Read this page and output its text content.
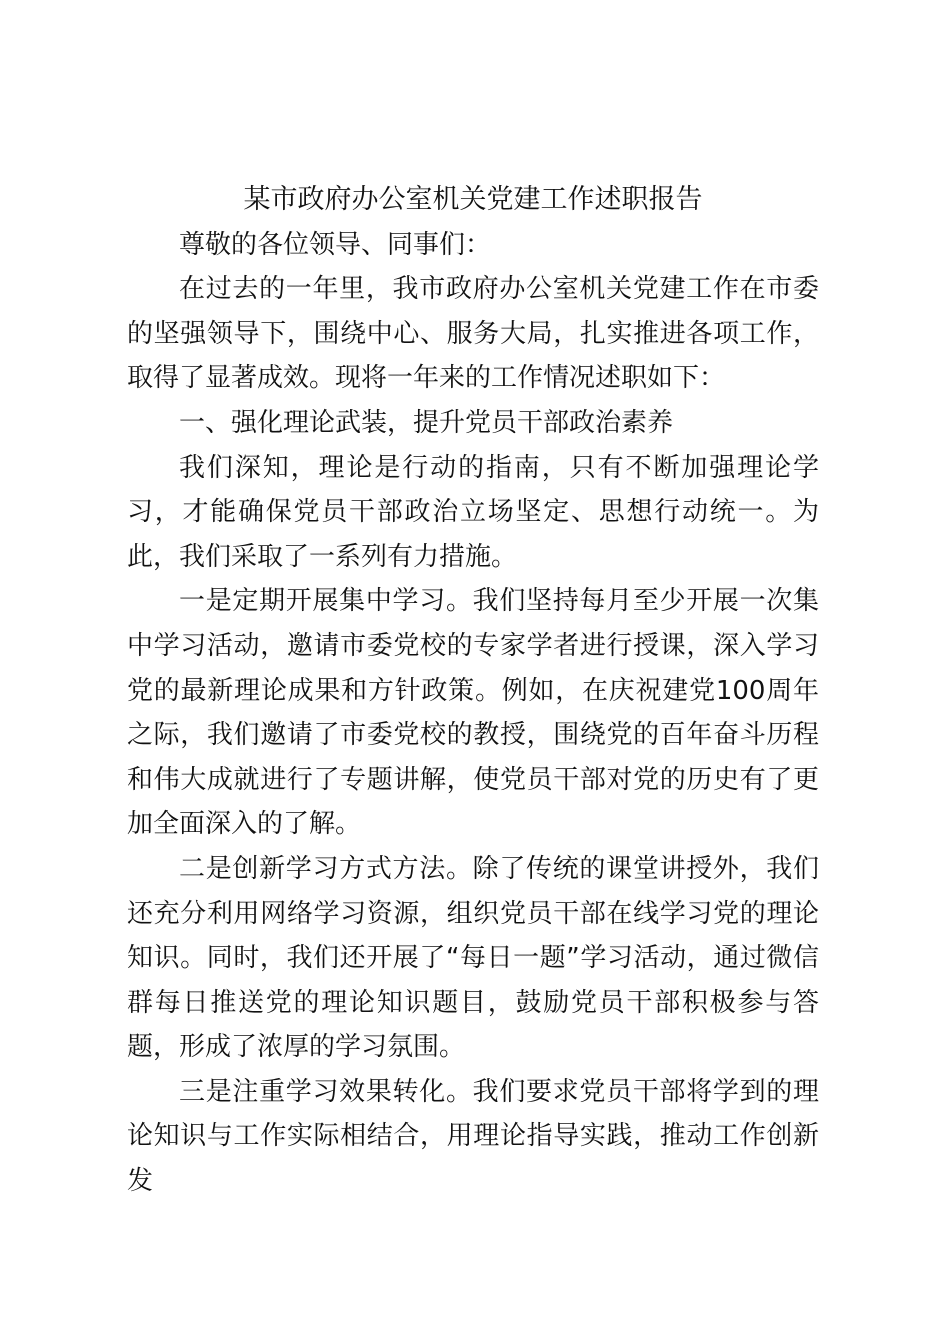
某市政府办公室机关党建工作述职报告

尊敬的各位领导、同事们：

在过去的一年里，我市政府办公室机关党建工作在市委的坚强领导下，围绕中心、服务大局，扎实推进各项工作，取得了显著成效。现将一年来的工作情况述职如下：

一、强化理论武装，提升党员干部政治素养

我们深知，理论是行动的指南，只有不断加强理论学习，才能确保党员干部政治立场坚定、思想行动统一。为此，我们采取了一系列有力措施。

一是定期开展集中学习。我们坚持每月至少开展一次集中学习活动，邀请市委党校的专家学者进行授课，深入学习党的最新理论成果和方针政策。例如，在庆祝建党100周年之际，我们邀请了市委党校的教授，围绕党的百年奋斗历程和伟大成就进行了专题讲解，使党员干部对党的历史有了更加全面深入的了解。

二是创新学习方式方法。除了传统的课堂讲授外，我们还充分利用网络学习资源，组织党员干部在线学习党的理论知识。同时，我们还开展了“每日一题”学习活动，通过微信群每日推送党的理论知识题目，鼓励党员干部积极参与答题，形成了浓厚的学习氛围。

三是注重学习效果转化。我们要求党员干部将学到的理论知识与工作实际相结合，用理论指导实践，推动工作创新发
